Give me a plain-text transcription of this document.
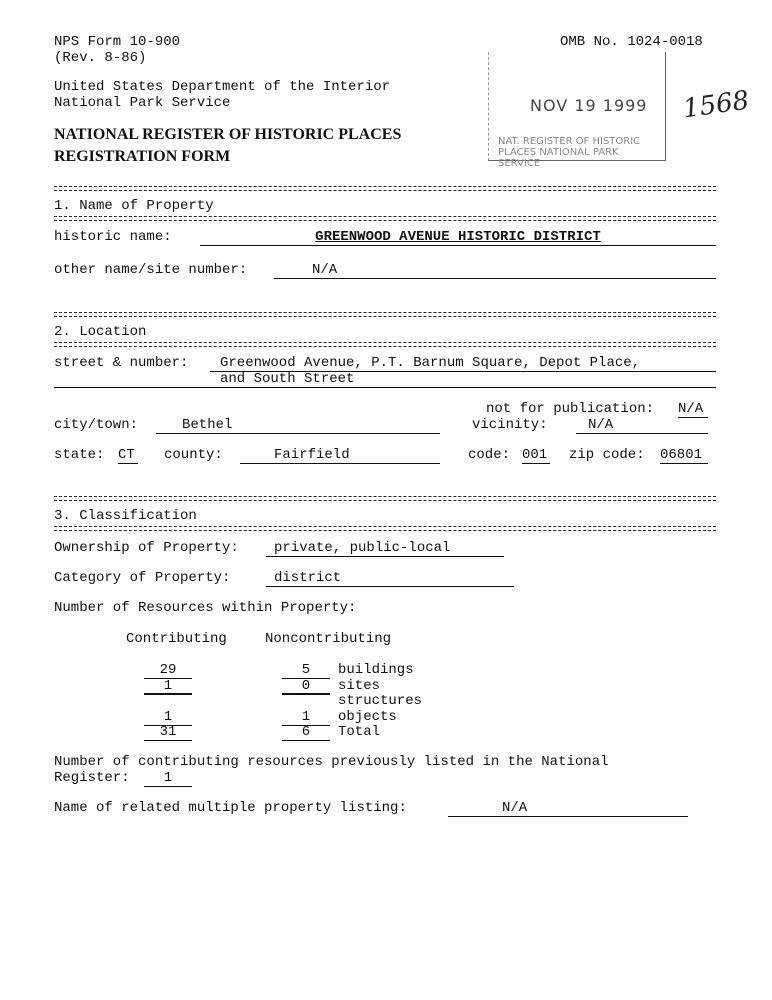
NPS Form 10-900
(Rev. 8-86)
OMB No. 1024-0018
United States Department of the Interior
National Park Service
NATIONAL REGISTER OF HISTORIC PLACES
REGISTRATION FORM
NOV 19 1999
NAT. REGISTER OF HISTORIC PLACES NATIONAL PARK SERVICE
1568
1. Name of Property
historic name:	GREENWOOD AVENUE HISTORIC DISTRICT
other name/site number:	N/A
2. Location
street & number:	Greenwood Avenue, P.T. Barnum Square, Depot Place,
and South Street
not for publication: N/A
city/town:	Bethel	vicinity:	N/A
state: CT county:	Fairfield	code: 001 zip code: 06801
3. Classification
Ownership of Property:	private, public-local
Category of Property:	district
Number of Resources within Property:
Contributing	Noncontributing
29	5	buildings
1	0	sites
structures
1	1	objects
31	6	Total
Number of contributing resources previously listed in the National
Register:	1
Name of related multiple property listing:	N/A
